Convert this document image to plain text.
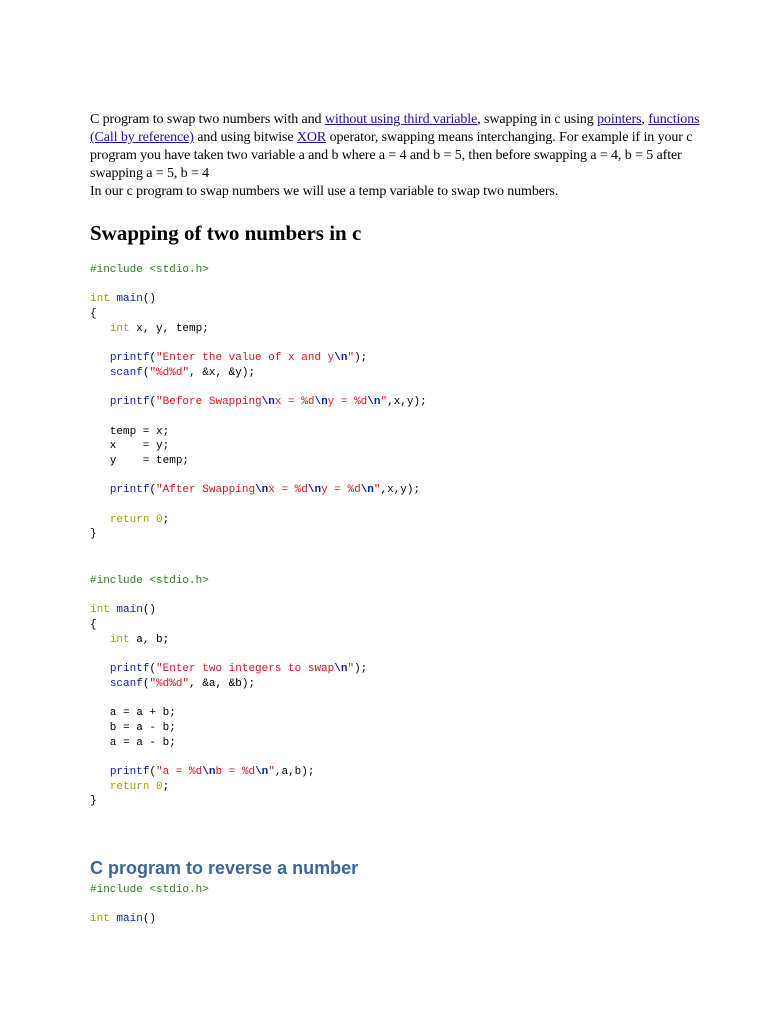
C program to swap two numbers with and without using third variable, swapping in c using pointers, functions (Call by reference) and using bitwise XOR operator, swapping means interchanging. For example if in your c program you have taken two variable a and b where a = 4 and b = 5, then before swapping a = 4, b = 5 after swapping a = 5, b = 4

In our c program to swap numbers we will use a temp variable to swap two numbers.

Swapping of two numbers in c
#include <stdio.h>
int main()
{
int x, y, temp;
printf("Enter the value of x and y\n");
scanf("%d%d", &x, &y);
printf("Before Swapping\nx = %d\ny = %d\n",x,y);
temp = x;
x    = y;
y    = temp;
printf("After Swapping\nx = %d\ny = %d\n",x,y);
return 0;
}
#include <stdio.h>
int main()
{
int a, b;
printf("Enter two integers to swap\n");
scanf("%d%d", &a, &b);
a = a + b;
b = a - b;
a = a - b;
printf("a = %d\nb = %d\n",a,b);
return 0;
}
C program to reverse a number
#include <stdio.h>
int main()
